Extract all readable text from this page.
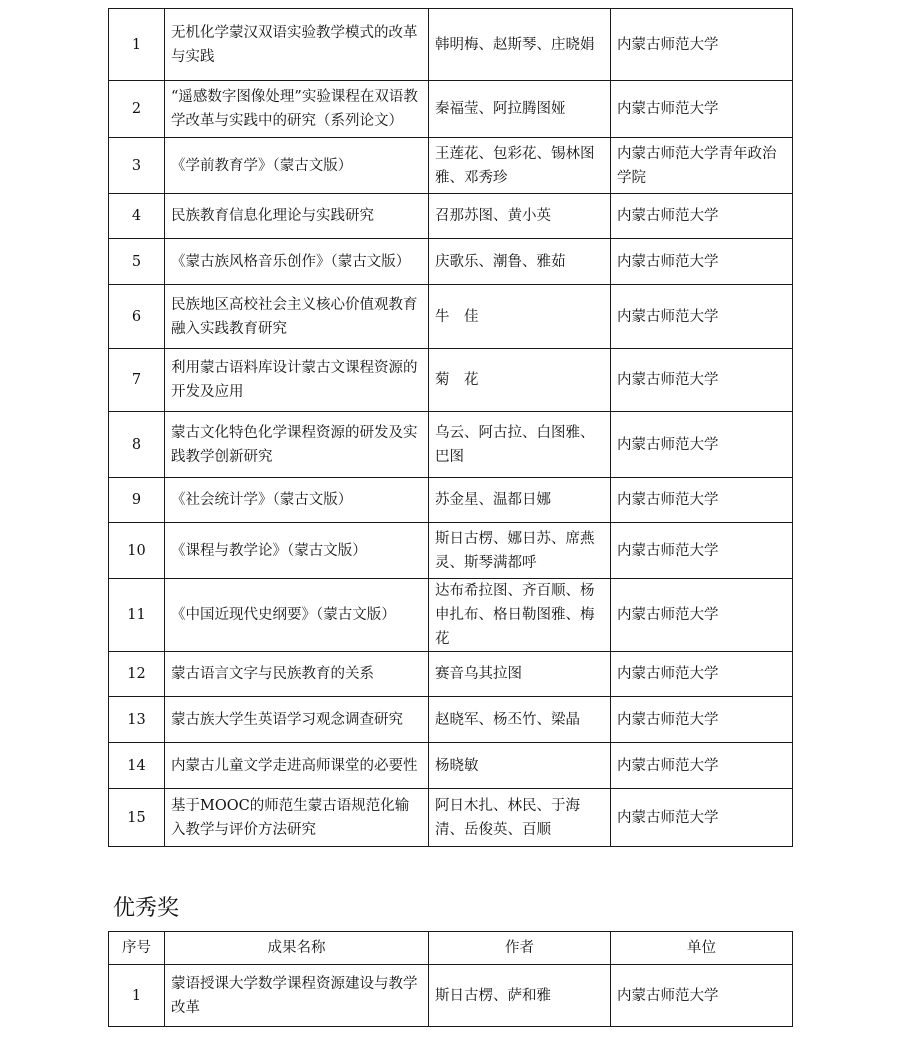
1	无机化学蒙汉双语实验教学模式的改革与实践	韩明梅、赵斯琴、庄晓娟	内蒙古师范大学
2	“遥感数字图像处理”实验课程在双语教学改革与实践中的研究（系列论文）	秦福莹、阿拉腾图娅	内蒙古师范大学
3	《学前教育学》（蒙古文版）	王莲花、包彩花、锡林图雅、邓秀珍	内蒙古师范大学青年政治学院
4	民族教育信息化理论与实践研究	召那苏图、黄小英	内蒙古师范大学
5	《蒙古族风格音乐创作》（蒙古文版）	庆歌乐、潮鲁、雅茹	内蒙古师范大学
6	民族地区高校社会主义核心价值观教育融入实践教育研究	牛　佳	内蒙古师范大学
7	利用蒙古语料库设计蒙古文课程资源的开发及应用	菊　花	内蒙古师范大学
8	蒙古文化特色化学课程资源的研发及实践教学创新研究	乌云、阿古拉、白图雅、巴图	内蒙古师范大学
9	《社会统计学》（蒙古文版）	苏金星、温都日娜	内蒙古师范大学
10	《课程与教学论》（蒙古文版）	斯日古楞、娜日苏、席燕灵、斯琴满都呼	内蒙古师范大学
11	《中国近现代史纲要》（蒙古文版）	达布希拉图、齐百顺、杨申扎布、格日勒图雅、梅花	内蒙古师范大学
12	蒙古语言文字与民族教育的关系	赛音乌其拉图	内蒙古师范大学
13	蒙古族大学生英语学习观念调查研究	赵晓军、杨丕竹、梁晶	内蒙古师范大学
14	内蒙古儿童文学走进高师课堂的必要性	杨晓敏	内蒙古师范大学
15	基于MOOC的师范生蒙古语规范化输入教学与评价方法研究	阿日木扎、林民、于海清、岳俊英、百顺	内蒙古师范大学
优秀奖
序号	成果名称	作者	单位
1	蒙语授课大学数学课程资源建设与教学改革	斯日古楞、萨和雅	内蒙古师范大学
